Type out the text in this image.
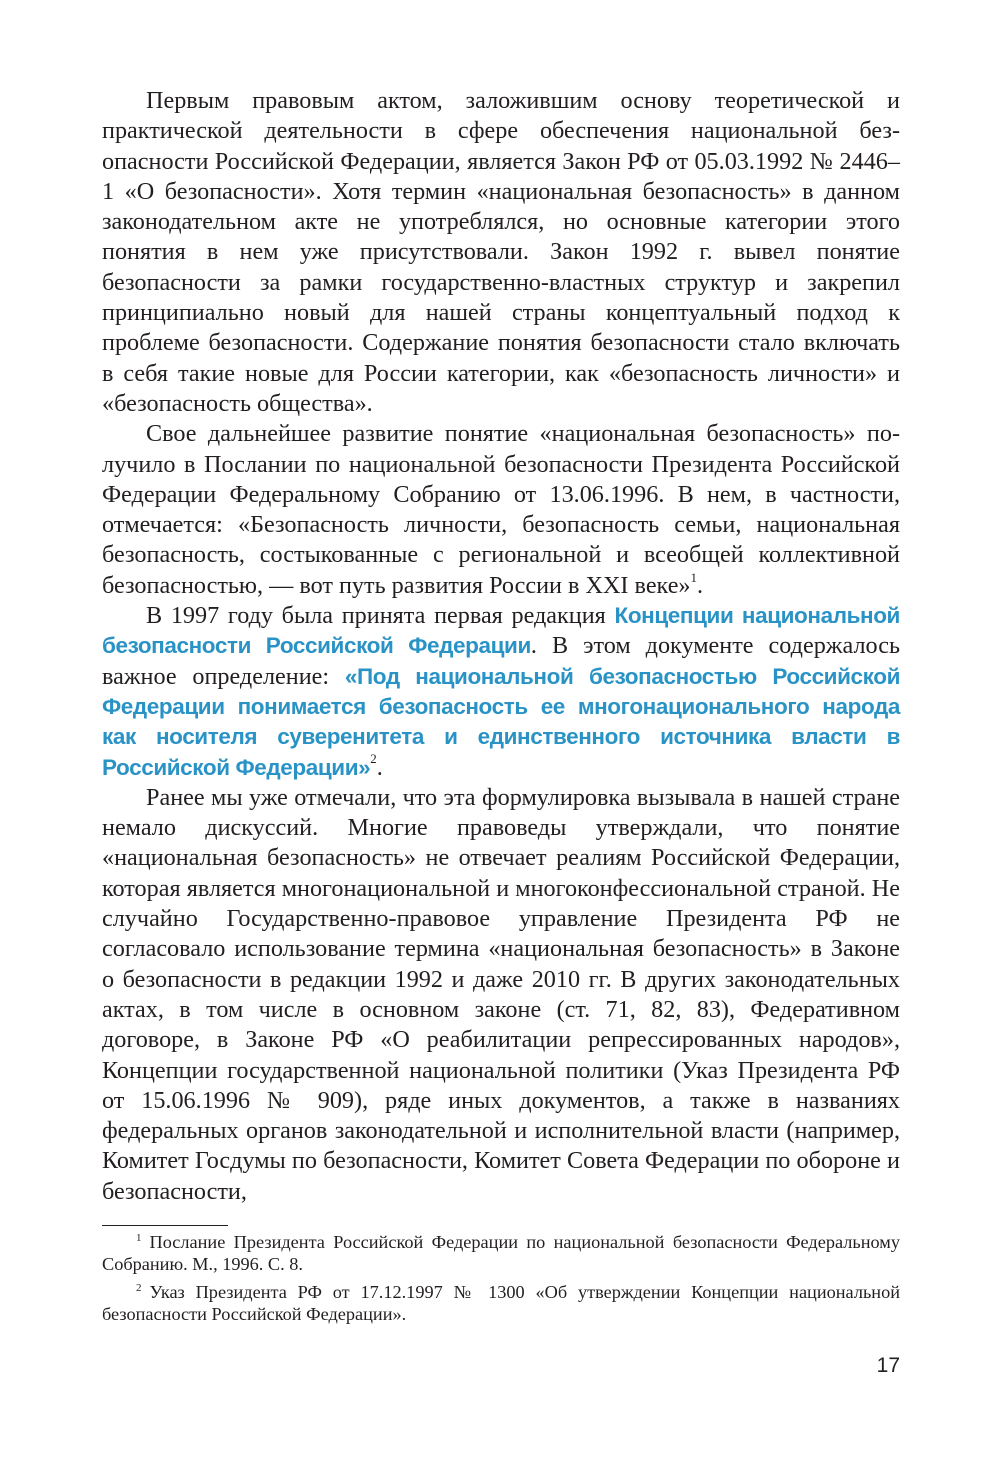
Первым правовым актом, заложившим основу теоретической и практической деятельности в сфере обеспечения национальной безопасности Российской Федерации, является Закон РФ от 05.03.1992 № 2446–1 «О безопасности». Хотя термин «национальная безопасность» в данном законодательном акте не употреблялся, но основные категории этого понятия в нем уже присутствовали. Закон 1992 г. вывел понятие безопасности за рамки государственно-властных структур и закрепил принципиально новый для нашей страны концептуальный подход к проблеме безопасности. Содержание понятия безопасности стало включать в себя такие новые для России категории, как «безопасность личности» и «безопасность общества».

Свое дальнейшее развитие понятие «национальная безопасность» получило в Послании по национальной безопасности Президента Российской Федерации Федеральному Собранию от 13.06.1996. В нем, в частности, отмечается: «Безопасность личности, безопасность семьи, национальная безопасность, состыкованные с региональной и всеобщей коллективной безопасностью, — вот путь развития России в XXI веке»$^1$.

В 1997 году была принята первая редакция Концепции национальной безопасности Российской Федерации. В этом документе содержалось важное определение: «Под национальной безопасностью Российской Федерации понимается безопасность ее многонационального народа как носителя суверенитета и единственного источника власти в Российской Федерации»$^2$.

Ранее мы уже отмечали, что эта формулировка вызывала в нашей стране немало дискуссий. Многие правоведы утверждали, что понятие «национальная безопасность» не отвечает реалиям Российской Федерации, которая является многонациональной и многоконфессиональной страной. Не случайно Государственно-правовое управление Президента РФ не согласовало использование термина «национальная безопасность» в Законе о безопасности в редакции 1992 и даже 2010 гг. В других законодательных актах, в том числе в основном законе (ст. 71, 82, 83), Федеративном договоре, в Законе РФ «О реабилитации репрессированных народов», Концепции государственной национальной политики (Указ Президента РФ от 15.06.1996 № 909), ряде иных документов, а также в названиях федеральных органов законодательной и исполнительной власти (например, Комитет Госдумы по безопасности, Комитет Совета Федерации по обороне и безопасности,

$^1$ Послание Президента Российской Федерации по национальной безопасности Федеральному Собранию. М., 1996. С. 8.

$^2$ Указ Президента РФ от 17.12.1997 № 1300 «Об утверждении Концепции национальной безопасности Российской Федерации».

17
